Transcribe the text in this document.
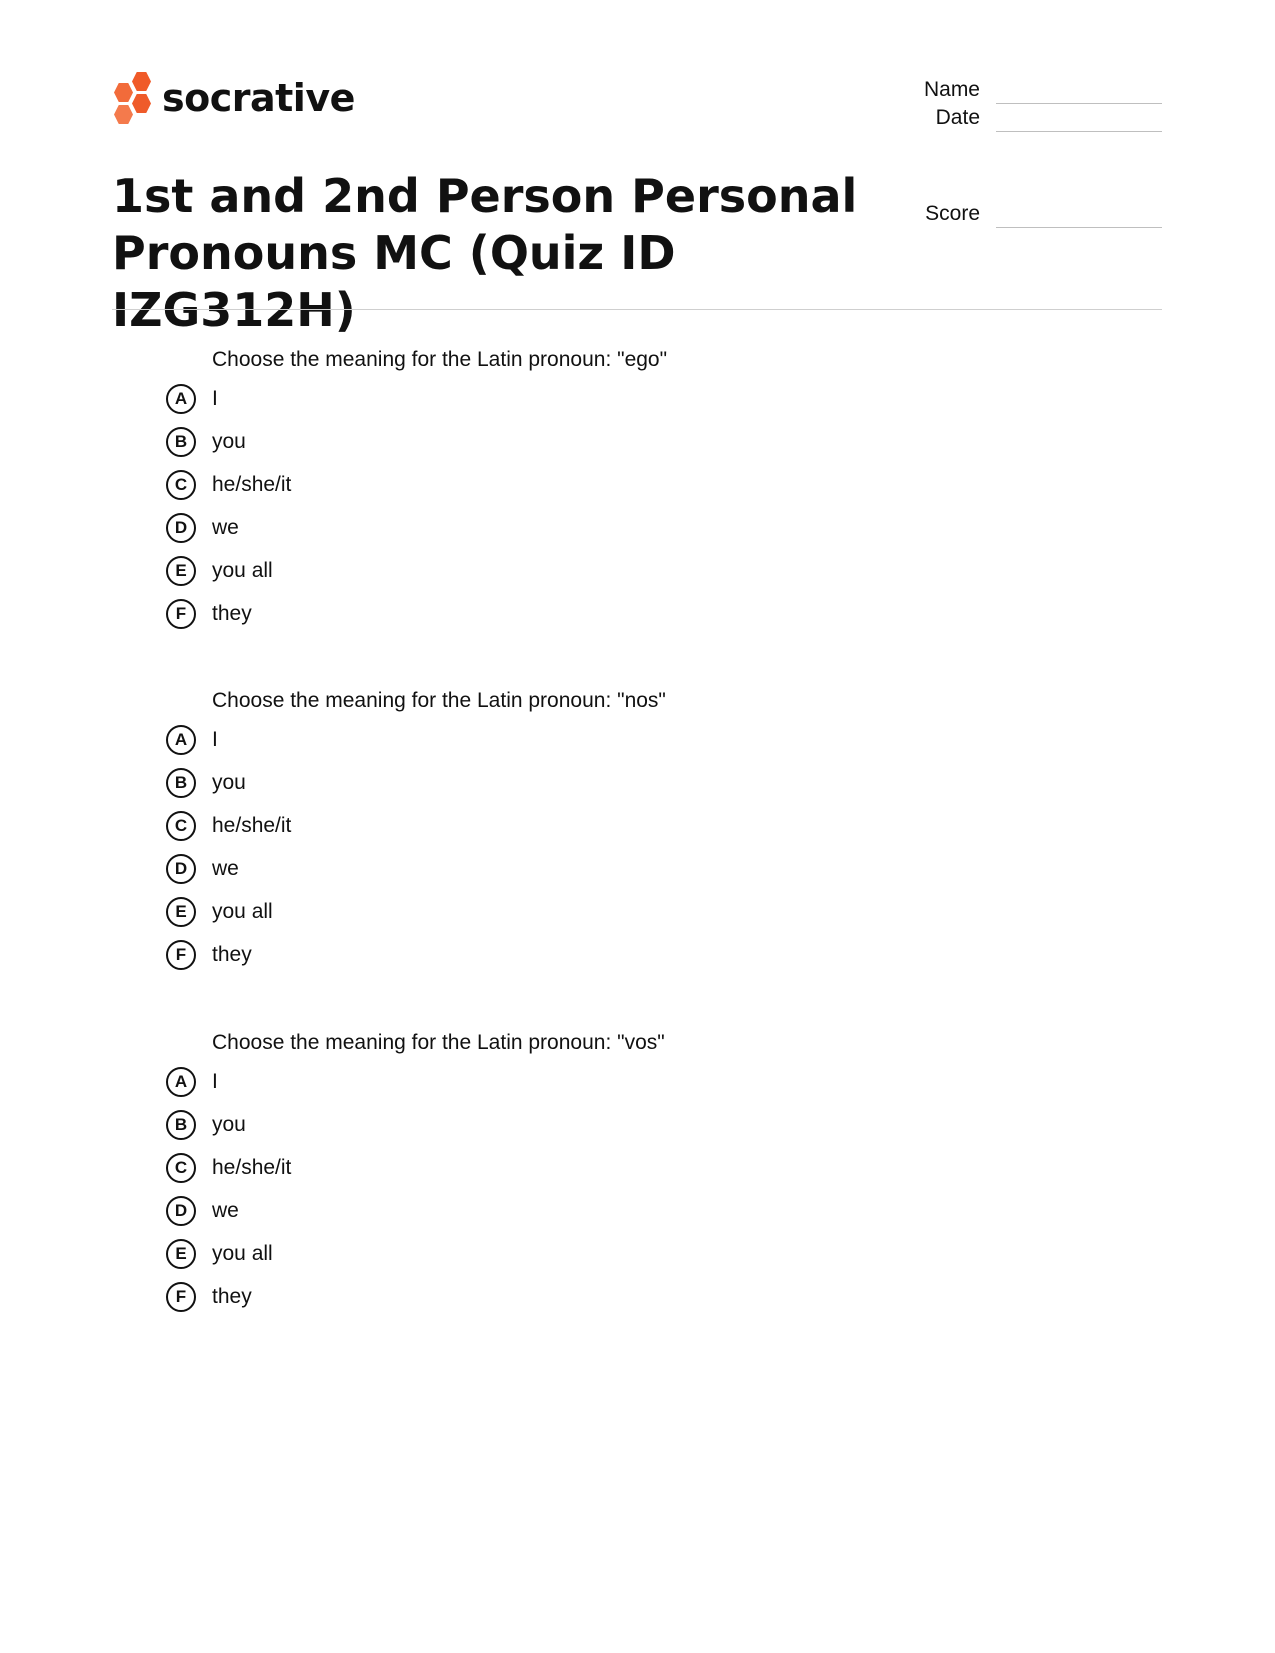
socrative	Name
Date
Score
1st and 2nd Person Personal
Pronouns MC (Quiz ID IZG312H)
Choose the meaning for the Latin pronoun: "ego"
A	I
B	you
C	he/she/it
D	we
E	you all
F	they
Choose the meaning for the Latin pronoun: "nos"
A	I
B	you
C	he/she/it
D	we
E	you all
F	they
Choose the meaning for the Latin pronoun: "vos"
A	I
B	you
C	he/she/it
D	we
E	you all
F	they
